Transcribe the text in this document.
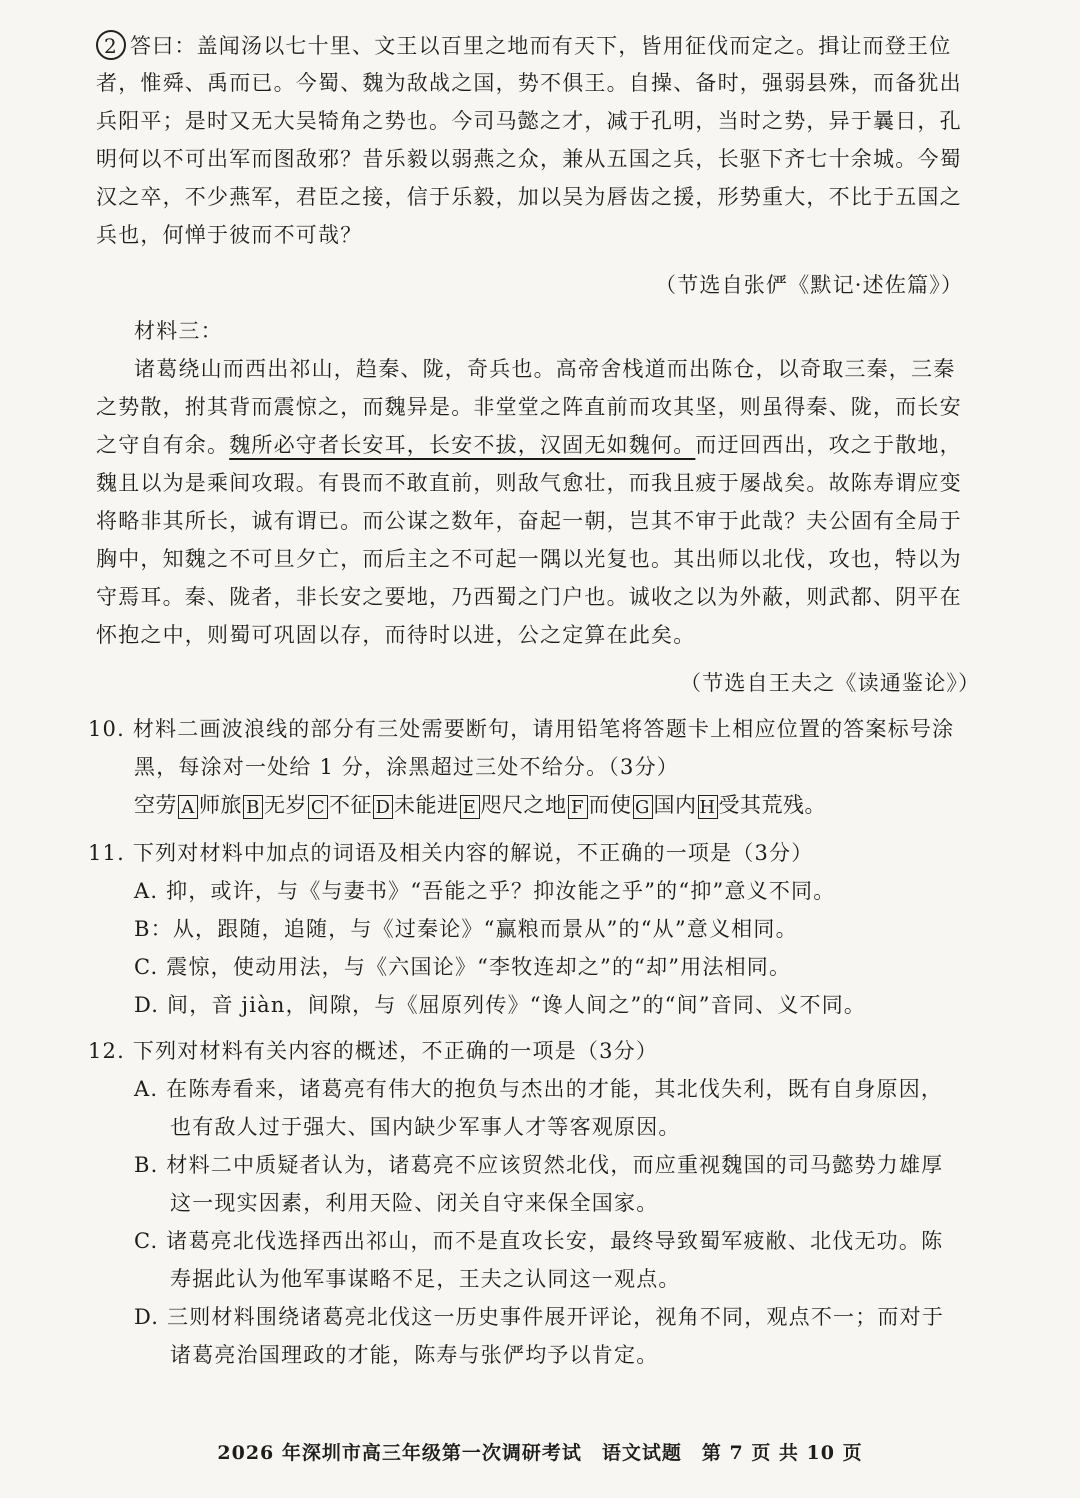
2 答曰：盖闻汤以七十里、文王以百里之地而有天下，皆用征伐而定之。揖让而登王位
者，惟舜、禹而已。今蜀、魏为敌战之国，势不俱王。自操、备时，强弱县殊，而备犹出
兵阳平；是时又无大吴犄角之势也。今司马懿之才，减于孔明，当时之势，异于曩日，孔
明何以不可出军而图敌邪？昔乐毅以弱燕之众，兼从五国之兵，长驱下齐七十余城。今蜀
汉之卒，不少燕军，君臣之接，信于乐毅，加以吴为唇齿之援，形势重大，不比于五国之
兵也，何惮于彼而不可哉？
（节选自张俨《默记·述佐篇》）
材料三：
诸葛绕山而西出祁山，趋秦、陇，奇兵也。高帝舍栈道而出陈仓，以奇取三秦，三秦
之势散，拊其背而震惊之，而魏异是。非堂堂之阵直前而攻其坚，则虽得秦、陇，而长安
之守自有余。魏所必守者长安耳，长安不拔，汉固无如魏何。而迂回西出，攻之于散地，
魏且以为是乘间攻瑕。有畏而不敢直前，则敌气愈壮，而我且疲于屡战矣。故陈寿谓应变
将略非其所长，诚有谓已。而公谋之数年，奋起一朝，岂其不审于此哉？夫公固有全局于
胸中，知魏之不可旦夕亡，而后主之不可起一隅以光复也。其出师以北伐，攻也，特以为
守焉耳。秦、陇者，非长安之要地，乃西蜀之门户也。诚收之以为外蔽，则武都、阴平在
怀抱之中，则蜀可巩固以存，而待时以进，公之定算在此矣。
（节选自王夫之《读通鉴论》）
10. 材料二画波浪线的部分有三处需要断句，请用铅笔将答题卡上相应位置的答案标号涂
黑，每涂对一处给 1 分，涂黑超过三处不给分。（3分）
空劳 A 师旅 B 无岁 C 不征 D 未能进 E 咫尺之地 F 而使 G 国内 H 受其荒残。
11. 下列对材料中加点的词语及相关内容的解说，不正确的一项是（3分）
A. 抑，或许，与《与妻书》“吾能之乎？抑汝能之乎”的“抑”意义不同。
B：从，跟随，追随，与《过秦论》“赢粮而景从”的“从”意义相同。
C. 震惊，使动用法，与《六国论》“李牧连却之”的“却”用法相同。
D. 间，音 jiàn，间隙，与《屈原列传》“谗人间之”的“间”音同、义不同。
12. 下列对材料有关内容的概述，不正确的一项是（3分）
A. 在陈寿看来，诸葛亮有伟大的抱负与杰出的才能，其北伐失利，既有自身原因，
也有敌人过于强大、国内缺少军事人才等客观原因。
B. 材料二中质疑者认为，诸葛亮不应该贸然北伐，而应重视魏国的司马懿势力雄厚
这一现实因素，利用天险、闭关自守来保全国家。
C. 诸葛亮北伐选择西出祁山，而不是直攻长安，最终导致蜀军疲敝、北伐无功。陈
寿据此认为他军事谋略不足，王夫之认同这一观点。
D. 三则材料围绕诸葛亮北伐这一历史事件展开评论，视角不同，观点不一；而对于
诸葛亮治国理政的才能，陈寿与张俨均予以肯定。
2026 年深圳市高三年级第一次调研考试　语文试题　第 7 页 共 10 页
